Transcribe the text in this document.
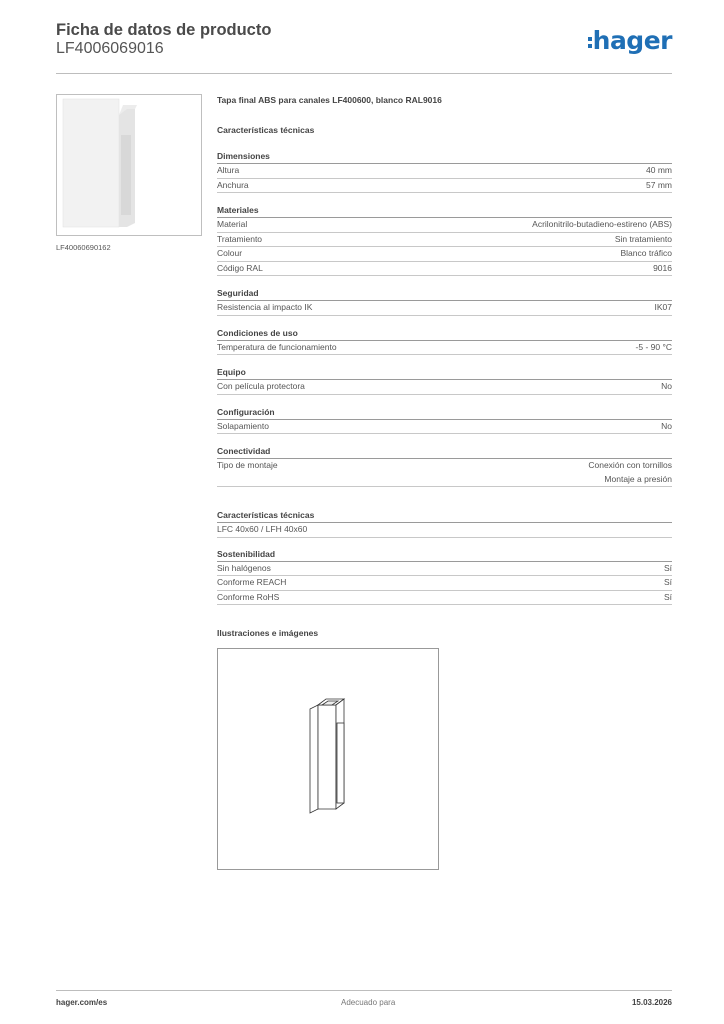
Ficha de datos de producto
LF4006069016	hager
LF40060690162
Tapa final ABS para canales LF400600, blanco RAL9016
Características técnicas
Dimensiones
Altura	40 mm
Anchura	57 mm
Materiales
Material	Acrilonitrilo-butadieno-estireno (ABS)
Tratamiento	Sin tratamiento
Colour	Blanco tráfico
Código RAL	9016
Seguridad
Resistencia al impacto IK	IK07
Condiciones de uso
Temperatura de funcionamiento	-5 - 90 °C
Equipo
Con película protectora	No
Configuración
Solapamiento	No
Conectividad
Tipo de montaje	Conexión con tornillos
Montaje a presión
Características técnicas
LFC 40x60 / LFH 40x60
Sostenibilidad
Sin halógenos	Sí
Conforme REACH	Sí
Conforme RoHS	Sí
Ilustraciones e imágenes
hager.com/es	Adecuado para	15.03.2026
